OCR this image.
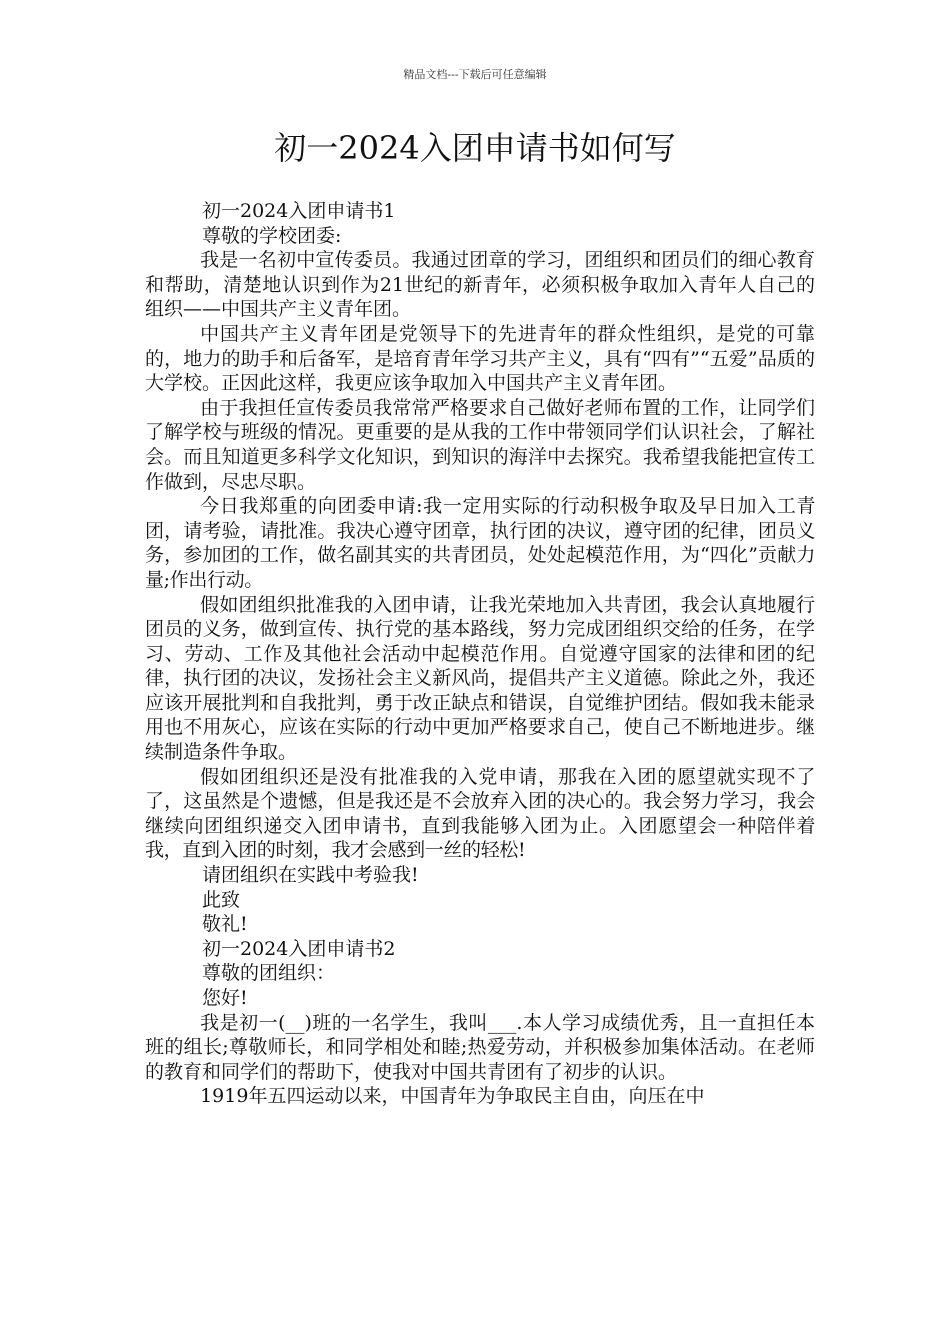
精品文档---下载后可任意编辑
初一2024入团申请书如何写

初一2024入团申请书1

尊敬的学校团委:

我是一名初中宣传委员。我通过团章的学习，团组织和团员们的细心教育和帮助，清楚地认识到作为21世纪的新青年，必须积极争取加入青年人自己的组织——中国共产主义青年团。

中国共产主义青年团是党领导下的先进青年的群众性组织，是党的可靠的，地力的助手和后备军，是培育青年学习共产主义，具有“四有”“五爱”品质的大学校。正因此这样，我更应该争取加入中国共产主义青年团。

由于我担任宣传委员我常常严格要求自己做好老师布置的工作，让同学们了解学校与班级的情况。更重要的是从我的工作中带领同学们认识社会，了解社会。而且知道更多科学文化知识，到知识的海洋中去探究。我希望我能把宣传工作做到，尽忠尽职。

今日我郑重的向团委申请:我一定用实际的行动积极争取及早日加入工青团，请考验，请批准。我决心遵守团章，执行团的决议，遵守团的纪律，团员义务，参加团的工作，做名副其实的共青团员，处处起模范作用，为“四化”贡献力量;作出行动。

假如团组织批准我的入团申请，让我光荣地加入共青团，我会认真地履行团员的义务，做到宣传、执行党的基本路线，努力完成团组织交给的任务，在学习、劳动、工作及其他社会活动中起模范作用。自觉遵守国家的法律和团的纪律，执行团的决议，发扬社会主义新风尚，提倡共产主义道德。除此之外，我还应该开展批判和自我批判，勇于改正缺点和错误，自觉维护团结。假如我未能录用也不用灰心，应该在实际的行动中更加严格要求自己，使自己不断地进步。继续制造条件争取。

假如团组织还是没有批准我的入党申请，那我在入团的愿望就实现不了了，这虽然是个遗憾，但是我还是不会放弃入团的决心的。我会努力学习，我会继续向团组织递交入团申请书，直到我能够入团为止。入团愿望会一种陪伴着我，直到入团的时刻，我才会感到一丝的轻松!

请团组织在实践中考验我!

此致

敬礼!

初一2024入团申请书2

尊敬的团组织：

您好!

我是初一(__)班的一名学生，我叫___.本人学习成绩优秀，且一直担任本班的组长;尊敬师长，和同学相处和睦;热爱劳动，并积极参加集体活动。在老师的教育和同学们的帮助下，使我对中国共青团有了初步的认识。

1919年五四运动以来，中国青年为争取民主自由，向压在中
